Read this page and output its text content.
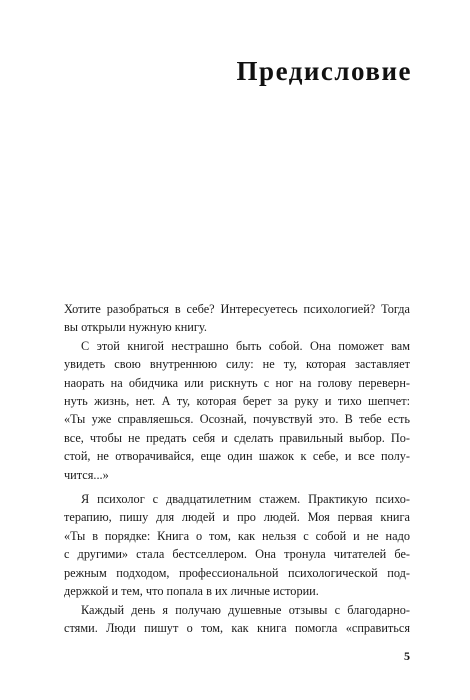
Предисловие
Хотите разобраться в себе? Интересуетесь психологией? Тогда
вы открыли нужную книгу.
С этой книгой нестрашно быть собой. Она поможет вам
увидеть свою внутреннюю силу: не ту, которая заставляет
наорать на обидчика или рискнуть с ног на голову переверн-
нуть жизнь, нет. А ту, которая берет за руку и тихо шепчет:
«Ты уже справляешься. Осознай, почувствуй это. В тебе есть
все, чтобы не предать себя и сделать правильный выбор. По-
стой, не отворачивайся, еще один шажок к себе, и все полу-
чится...»
Я психолог с двадцатилетним стажем. Практикую психо-
терапию, пишу для людей и про людей. Моя первая книга
«Ты в порядке: Книга о том, как нельзя с собой и не надо
с другими» стала бестселлером. Она тронула читателей бе-
режным подходом, профессиональной психологической под-
держкой и тем, что попала в их личные истории.
Каждый день я получаю душевные отзывы с благодарно-
стями. Люди пишут о том, как книга помогла «справиться
5
